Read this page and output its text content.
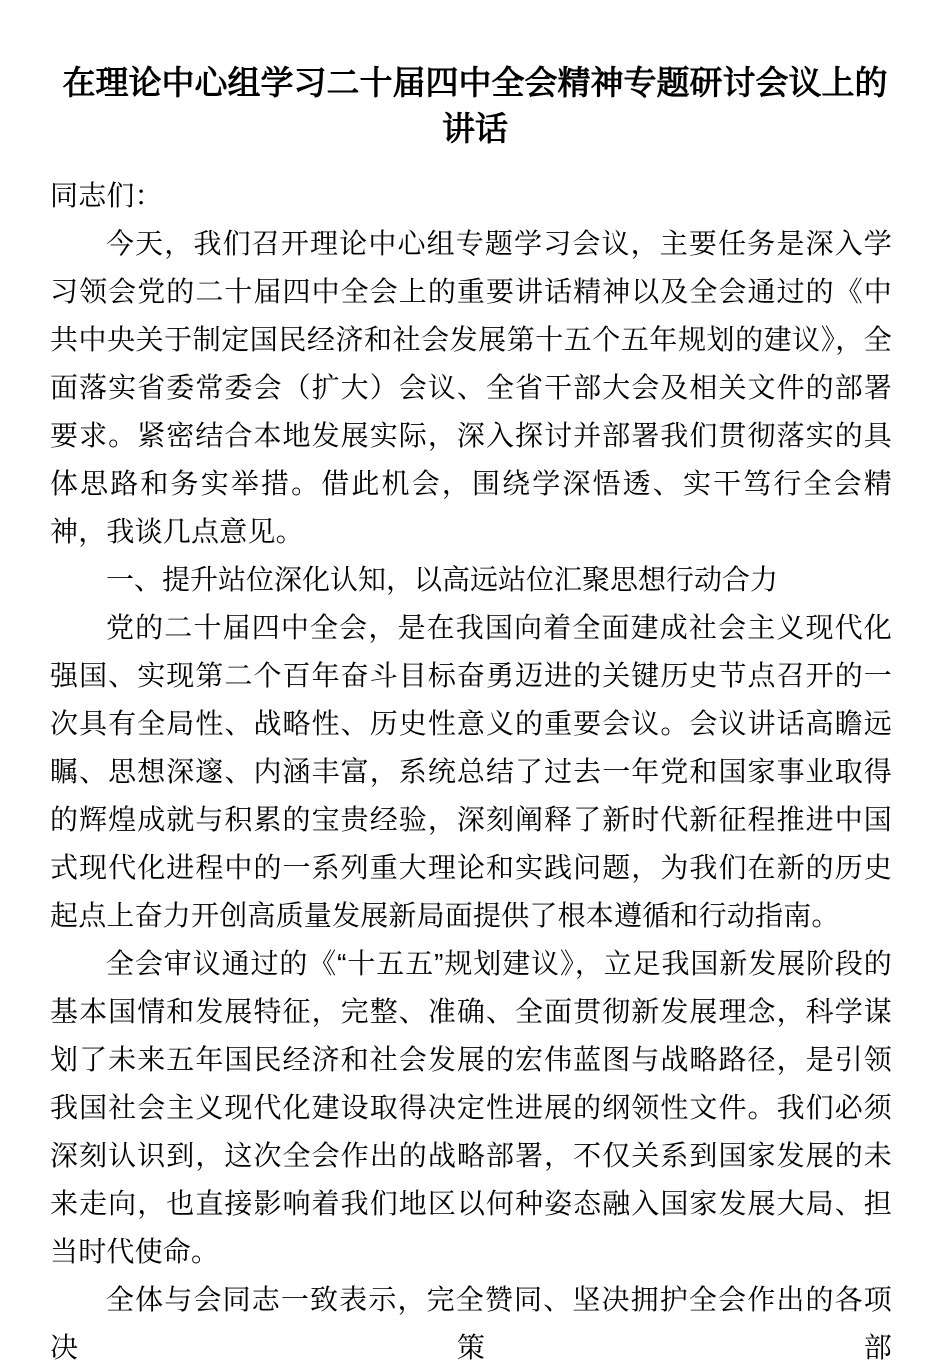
在理论中心组学习二十届四中全会精神专题研讨会议上的讲话

同志们：

今天，我们召开理论中心组专题学习会议，主要任务是深入学习领会党的二十届四中全会上的重要讲话精神以及全会通过的《中共中央关于制定国民经济和社会发展第十五个五年规划的建议》，全面落实省委常委会（扩大）会议、全省干部大会及相关文件的部署要求。紧密结合本地发展实际，深入探讨并部署我们贯彻落实的具体思路和务实举措。借此机会，围绕学深悟透、实干笃行全会精神，我谈几点意见。

一、提升站位深化认知，以高远站位汇聚思想行动合力

党的二十届四中全会，是在我国向着全面建成社会主义现代化强国、实现第二个百年奋斗目标奋勇迈进的关键历史节点召开的一次具有全局性、战略性、历史性意义的重要会议。会议讲话高瞻远瞩、思想深邃、内涵丰富，系统总结了过去一年党和国家事业取得的辉煌成就与积累的宝贵经验，深刻阐释了新时代新征程推进中国式现代化进程中的一系列重大理论和实践问题，为我们在新的历史起点上奋力开创高质量发展新局面提供了根本遵循和行动指南。

全会审议通过的《“十五五”规划建议》，立足我国新发展阶段的基本国情和发展特征，完整、准确、全面贯彻新发展理念，科学谋划了未来五年国民经济和社会发展的宏伟蓝图与战略路径，是引领我国社会主义现代化建设取得决定性进展的纲领性文件。我们必须深刻认识到，这次全会作出的战略部署，不仅关系到国家发展的未来走向，也直接影响着我们地区以何种姿态融入国家发展大局、担当时代使命。

全体与会同志一致表示，完全赞同、坚决拥护全会作出的各项决策部
